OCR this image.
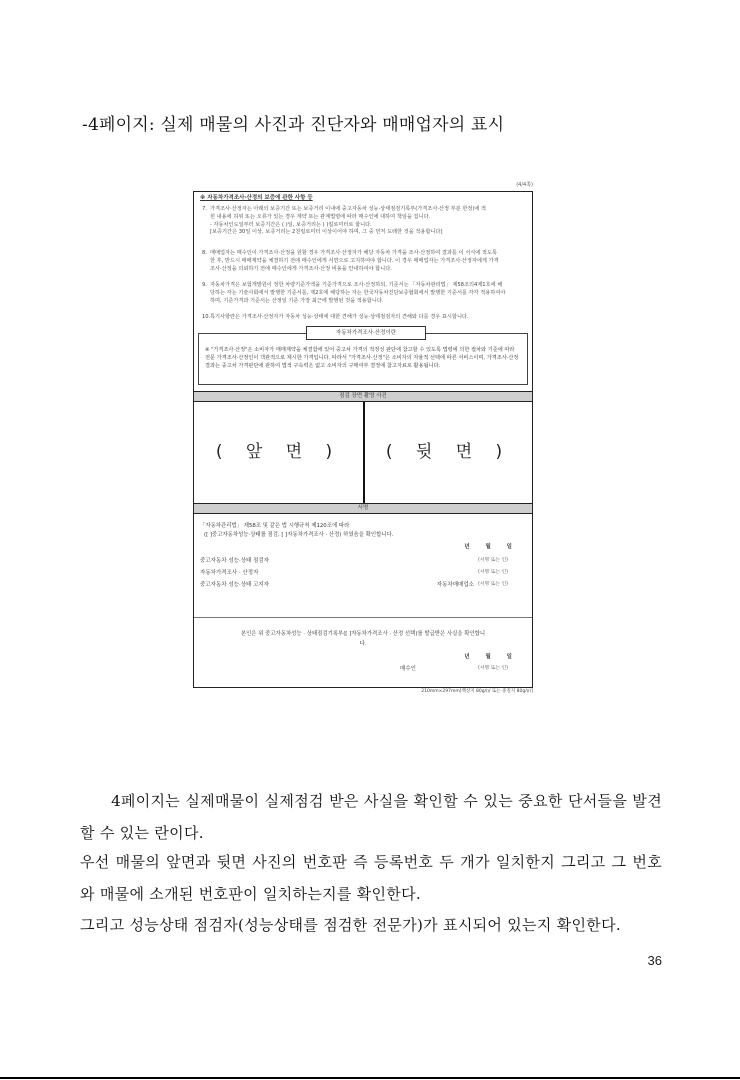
-4페이지: 실제 매물의 사진과 진단자와 매매업자의 표시
(4/4쪽)
※ 자동차가격조사·산정의 보증에 관한 사항 등
7. 가격조사·산정자는 아래의 보증기간 또는 보증거리 이내에 중고자동차 성능·상태점검기록부(가격조사·산정 부분 한정)에 적
힌 내용에 허위 또는 오류가 있는 경우 계약 또는 관계법령에 따라 매수인에 대하여 책임을 집니다.
- 자동차인도일부터 보증기간은 ( )일, 보증거리는 ( )킬로미터로 합니다.
[보증기간은 30일 이상, 보증거리는 2천킬로미터 이상이어야 하며, 그 중 먼저 도래한 것을 적용합니다]
8. 매매업자는 매수인이 가격조사·산정을 원할 경우 가격조사·산정자가 해당 자동차 가격을 조사·산정하여 결과를 이 서식에 적도록
한 후, 반드시 매매계약을 체결하기 전에 매수인에게 서면으로 고지하여야 합니다. 이 경우 매매업자는 가격조사·산정자에게 가격
조사·산정을 의뢰하기 전에 매수인에게 가격조사·산정 비용을 안내하여야 합니다.
9. 자동차가격은 보험개발원이 정한 차량기준가액을 기준가격으로 조사·산정하되, 기준서는 「자동차관리법」 제58조의4제1호에 해
당하는 자는 기술사회에서 발행한 기준서를, 제2호에 해당하는 자는 한국자동차진단보증협회에서 발행한 기준서를 각각 적용하여야
하며, 기준가격과 기준서는 산정일 기준 가장 최근에 발행된 것을 적용합니다.
10. 특기사항란은 가격조사·산정자가 자동차 성능·상태에 대한 견해가 성능·상태점검자의 견해와 다를 경우 표시합니다.
자동차가격조사·산정이란
※ "가격조사·산정"은 소비자가 매매계약을 체결함에 있어 중고차 가격의 적정성 판단에 참고할 수 있도록 법령에 의한 절차와 기준에 따라 전문 가격조사·산정인이 객관적으로 제시한 가격입니다. 따라서 "가격조사·산정"은 소비자의 자율적 선택에 따른 서비스이며, 가격조사·산정 결과는 중고차 가격판단에 관하여 법적 구속력은 없고 소비자의 구매여부 결정에 참고자료로 활용됩니다.
점검 장면 촬영 사진
( 앞 면 )	( 뒷 면 )
서명
「자동차관리법」 제58조 및 같은 법 시행규칙 제120조에 따라
([ ]중고자동차성능·상태를 점검, [ ]자동차가격조사 · 산정) 하였음을 확인합니다.
년 월 일
중고자동차 성능·상태 점검자	(서명 또는 인)
자동차가격조사 · 산정자	(서명 또는 인)
중고자동차 성능·상태 고지자	자동차매매업소 (서명 또는 인)
본인은 위 중고자동차성능 · 상태점검기록부([ ]자동차가격조사 · 산정 선택)를 발급받은 사실을 확인합니
다.
년 월 일
매수인	(서명 또는 인)
210mm×297mm[백상지 80g/㎡ 또는 중질지 80g/㎡]
　　4페이지는 실제매물이 실제점검 받은 사실을 확인할 수 있는 중요한 단서들을 발견할 수 있는 란이다.
우선 매물의 앞면과 뒷면 사진의 번호판 즉 등록번호 두 개가 일치한지 그리고 그 번호와 매물에 소개된 번호판이 일치하는지를 확인한다.
그리고 성능상태 점검자(성능상태를 점검한 전문가)가 표시되어 있는지 확인한다.
36
